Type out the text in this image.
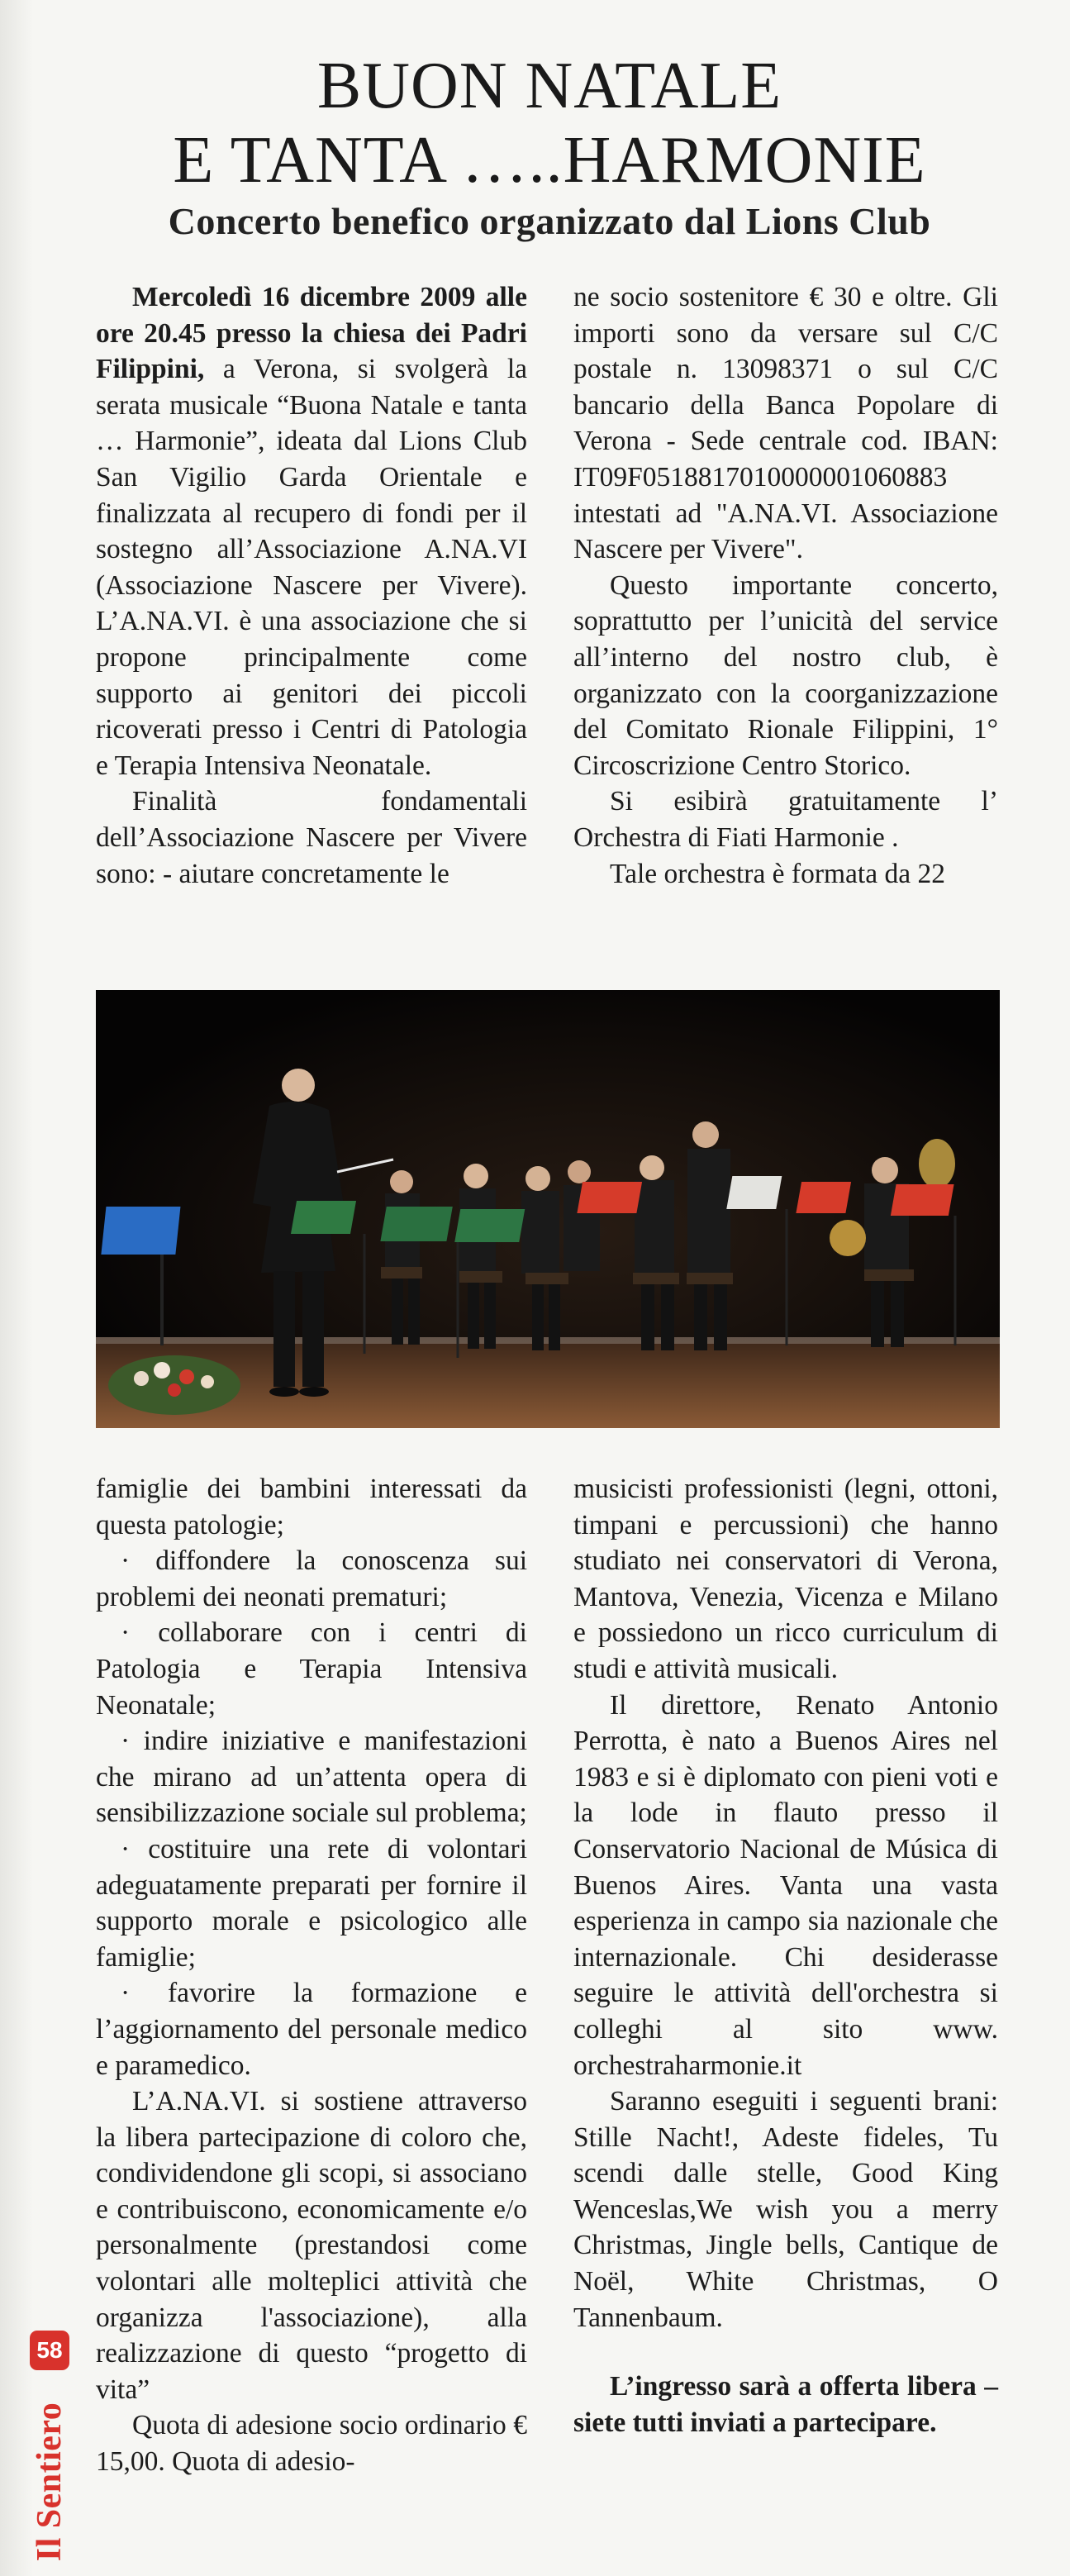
BUON NATALE
E TANTA …..HARMONIE
Concerto benefico organizzato dal Lions Club

Mercoledì 16 dicembre 2009 alle ore 20.45 presso la chiesa dei Padri Filippini, a Verona, si svolgerà la serata musicale “Buona Natale e tanta … Harmonie”, ideata dal Lions Club San Vigilio Garda Orientale e finalizzata al recupero di fondi per il sostegno all’Associazione A.NA.VI (Associazione Nascere per Vivere). L’A.NA.VI. è una associazione che si propone principalmente come supporto ai genitori dei piccoli ricoverati presso i Centri di Patologia e Terapia Intensiva Neonatale.

Finalità fondamentali dell’Associazione Nascere per Vivere sono: - aiutare concretamente le

ne socio sostenitore € 30 e oltre. Gli importi sono da versare sul C/C postale n. 13098371 o sul C/C bancario della Banca Popolare di Verona - Sede centrale cod. IBAN: IT09F0518817010000001060883 intestati ad "A.NA.VI. Associazione Nascere per Vivere".

Questo importante concerto, soprattutto per l’unicità del service all’interno del nostro club, è organizzato con la coorganizzazione del Comitato Rionale Filippini, 1° Circoscrizione Centro Storico.

Si esibirà gratuitamente l’ Orchestra di Fiati Harmonie .

Tale orchestra è formata da 22

famiglie dei bambini interessati da questa patologie;

· diffondere la conoscenza sui problemi dei neonati prematuri;

· collaborare con i centri di Patologia e Terapia Intensiva Neonatale;

· indire iniziative e manifestazioni che mirano ad un’attenta opera di sensibilizzazione sociale sul problema;

· costituire una rete di volontari adeguatamente preparati per fornire il supporto morale e psicologico alle famiglie;

· favorire la formazione e l’aggiornamento del personale medico e paramedico.

L’A.NA.VI. si sostiene attraverso la libera partecipazione di coloro che, condividendone gli scopi, si associano e contribuiscono, economicamente e/o personalmente (prestandosi come volontari alle molteplici attività che organizza l'associazione), alla realizzazione di questo “progetto di vita”

Quota di adesione socio ordinario € 15,00. Quota di adesio-

musicisti professionisti (legni, ottoni, timpani e percussioni) che hanno studiato nei conservatori di Verona, Mantova, Venezia, Vicenza e Milano e possiedono un ricco curriculum di studi e attività musicali.

Il direttore, Renato Antonio Perrotta, è nato a Buenos Aires nel 1983 e si è diplomato con pieni voti e la lode in flauto presso il Conservatorio Nacional de Música di Buenos Aires. Vanta una vasta esperienza in campo sia nazionale che internazionale. Chi desiderasse seguire le attività dell'orchestra si colleghi al sito www. orchestraharmonie.it

Saranno eseguiti i seguenti brani: Stille Nacht!, Adeste fideles, Tu scendi dalle stelle, Good King Wenceslas,We wish you a merry Christmas, Jingle bells, Cantique de Noël, White Christmas, O Tannenbaum.

L’ingresso sarà a offerta libera – siete tutti inviati a partecipare.

58
Il Sentiero
